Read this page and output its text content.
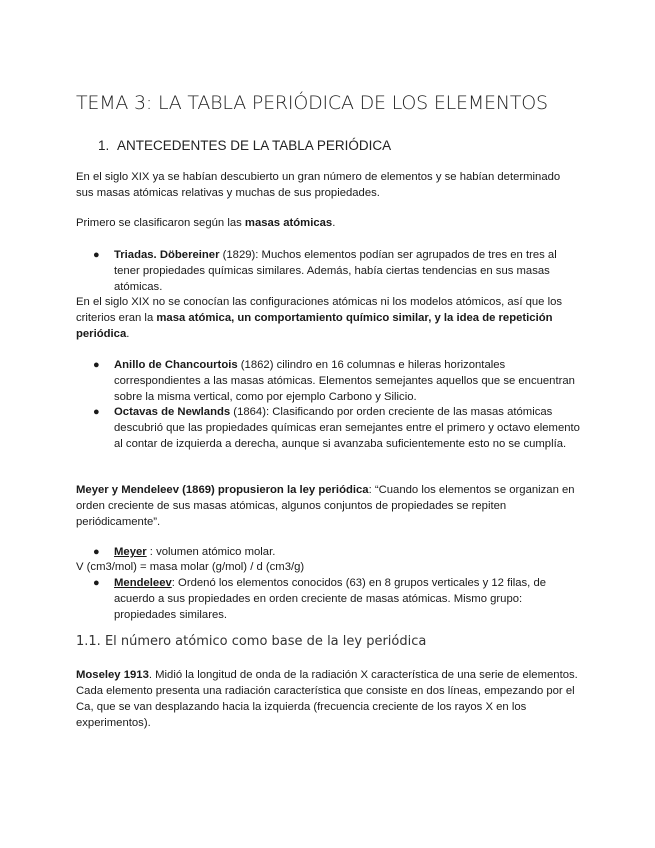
TEMA 3: LA TABLA PERIÓDICA DE LOS ELEMENTOS
1. ANTECEDENTES DE LA TABLA PERIÓDICA

En el siglo XIX ya se habían descubierto un gran número de elementos y se habían determinado sus masas atómicas relativas y muchas de sus propiedades.

Primero se clasificaron según las masas atómicas.

● Triadas. Döbereiner (1829): Muchos elementos podían ser agrupados de tres en tres al tener propiedades químicas similares. Además, había ciertas tendencias en sus masas atómicas.

En el siglo XIX no se conocían las configuraciones atómicas ni los modelos atómicos, así que los criterios eran la masa atómica, un comportamiento químico similar, y la idea de repetición periódica.

● Anillo de Chancourtois (1862) cilindro en 16 columnas e hileras horizontales correspondientes a las masas atómicas. Elementos semejantes aquellos que se encuentran sobre la misma vertical, como por ejemplo Carbono y Silicio.
● Octavas de Newlands (1864): Clasificando por orden creciente de las masas atómicas descubrió que las propiedades químicas eran semejantes entre el primero y octavo elemento al contar de izquierda a derecha, aunque si avanzaba suficientemente esto no se cumplía.

Meyer y Mendeleev (1869) propusieron la ley periódica: “Cuando los elementos se organizan en orden creciente de sus masas atómicas, algunos conjuntos de propiedades se repiten periódicamente”.

● Meyer : volumen atómico molar.

V (cm3/mol) = masa molar (g/mol) / d (cm3/g)

● Mendeleev: Ordenó los elementos conocidos (63) en 8 grupos verticales y 12 filas, de acuerdo a sus propiedades en orden creciente de masas atómicas. Mismo grupo: propiedades similares.
1.1. El número atómico como base de la ley periódica

Moseley 1913. Midió la longitud de onda de la radiación X característica de una serie de elementos. Cada elemento presenta una radiación característica que consiste en dos líneas, empezando por el Ca, que se van desplazando hacia la izquierda (frecuencia creciente de los rayos X en los experimentos).
